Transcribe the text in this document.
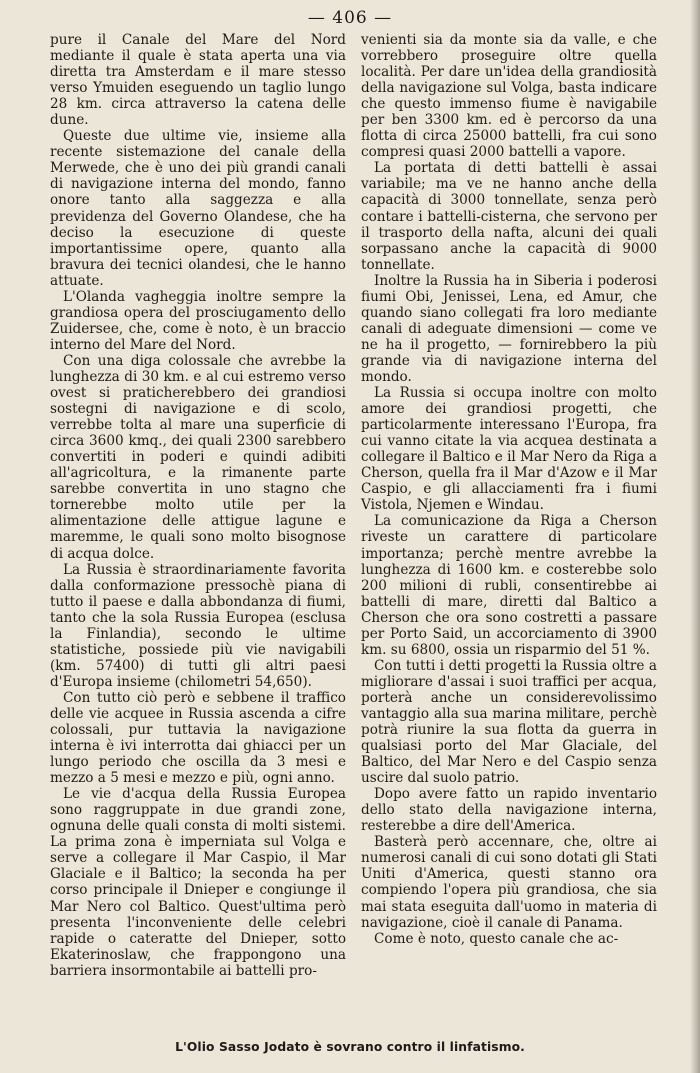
— 406 —

pure il Canale del Mare del Nord mediante il quale è stata aperta una via diretta tra Amsterdam e il mare stesso verso Ymuiden eseguendo un taglio lungo 28 km. circa attraverso la catena delle dune.

Queste due ultime vie, insieme alla recente sistemazione del canale della Merwede, che è uno dei più grandi canali di navigazione interna del mondo, fanno onore tanto alla saggezza e alla previdenza del Governo Olandese, che ha deciso la esecuzione di queste importantissime opere, quanto alla bravura dei tecnici olandesi, che le hanno attuate.

L'Olanda vagheggia inoltre sempre la grandiosa opera del prosciugamento dello Zuidersee, che, come è noto, è un braccio interno del Mare del Nord.

Con una diga colossale che avrebbe la lunghezza di 30 km. e al cui estremo verso ovest si praticherebbero dei grandiosi sostegni di navigazione e di scolo, verrebbe tolta al mare una superficie di circa 3600 kmq., dei quali 2300 sarebbero convertiti in poderi e quindi adibiti all'agricoltura, e la rimanente parte sarebbe convertita in uno stagno che tornerebbe molto utile per la alimentazione delle attigue lagune e maremme, le quali sono molto bisognose di acqua dolce.

La Russia è straordinariamente favorita dalla conformazione pressochè piana di tutto il paese e dalla abbondanza di fiumi, tanto che la sola Russia Europea (esclusa la Finlandia), secondo le ultime statistiche, possiede più vie navigabili (km. 57400) di tutti gli altri paesi d'Europa insieme (chilometri 54,650).

Con tutto ciò però e sebbene il traffico delle vie acquee in Russia ascenda a cifre colossali, pur tuttavia la navigazione interna è ivi interrotta dai ghiacci per un lungo periodo che oscilla da 3 mesi e mezzo a 5 mesi e mezzo e più, ogni anno.

Le vie d'acqua della Russia Europea sono raggruppate in due grandi zone, ognuna delle quali consta di molti sistemi. La prima zona è imperniata sul Volga e serve a collegare il Mar Caspio, il Mar Glaciale e il Baltico; la seconda ha per corso principale il Dnieper e congiunge il Mar Nero col Baltico. Quest'ultima però presenta l'inconveniente delle celebri rapide o cateratte del Dnieper, sotto Ekaterinoslaw, che frappongono una barriera insormontabile ai battelli pro-

venienti sia da monte sia da valle, e che vorrebbero proseguire oltre quella località. Per dare un'idea della grandiosità della navigazione sul Volga, basta indicare che questo immenso fiume è navigabile per ben 3300 km. ed è percorso da una flotta di circa 25000 battelli, fra cui sono compresi quasi 2000 battelli a vapore.

La portata di detti battelli è assai variabile; ma ve ne hanno anche della capacità di 3000 tonnellate, senza però contare i battelli-cisterna, che servono per il trasporto della nafta, alcuni dei quali sorpassano anche la capacità di 9000 tonnellate.

Inoltre la Russia ha in Siberia i poderosi fiumi Obi, Jenissei, Lena, ed Amur, che quando siano collegati fra loro mediante canali di adeguate dimensioni — come ve ne ha il progetto, — fornirebbero la più grande via di navigazione interna del mondo.

La Russia si occupa inoltre con molto amore dei grandiosi progetti, che particolarmente interessano l'Europa, fra cui vanno citate la via acquea destinata a collegare il Baltico e il Mar Nero da Riga a Cherson, quella fra il Mar d'Azow e il Mar Caspio, e gli allacciamenti fra i fiumi Vistola, Njemen e Windau.

La comunicazione da Riga a Cherson riveste un carattere di particolare importanza; perchè mentre avrebbe la lunghezza di 1600 km. e costerebbe solo 200 milioni di rubli, consentirebbe ai battelli di mare, diretti dal Baltico a Cherson che ora sono costretti a passare per Porto Said, un accorciamento di 3900 km. su 6800, ossia un risparmio del 51 %.

Con tutti i detti progetti la Russia oltre a migliorare d'assai i suoi traffici per acqua, porterà anche un considerevolissimo vantaggio alla sua marina militare, perchè potrà riunire la sua flotta da guerra in qualsiasi porto del Mar Glaciale, del Baltico, del Mar Nero e del Caspio senza uscire dal suolo patrio.

Dopo avere fatto un rapido inventario dello stato della navigazione interna, resterebbe a dire dell'America.

Basterà però accennare, che, oltre ai numerosi canali di cui sono dotati gli Stati Uniti d'America, questi stanno ora compiendo l'opera più grandiosa, che sia mai stata eseguita dall'uomo in materia di navigazione, cioè il canale di Panama.

Come è noto, questo canale che ac-

L'Olio Sasso Jodato è sovrano contro il linfatismo.
